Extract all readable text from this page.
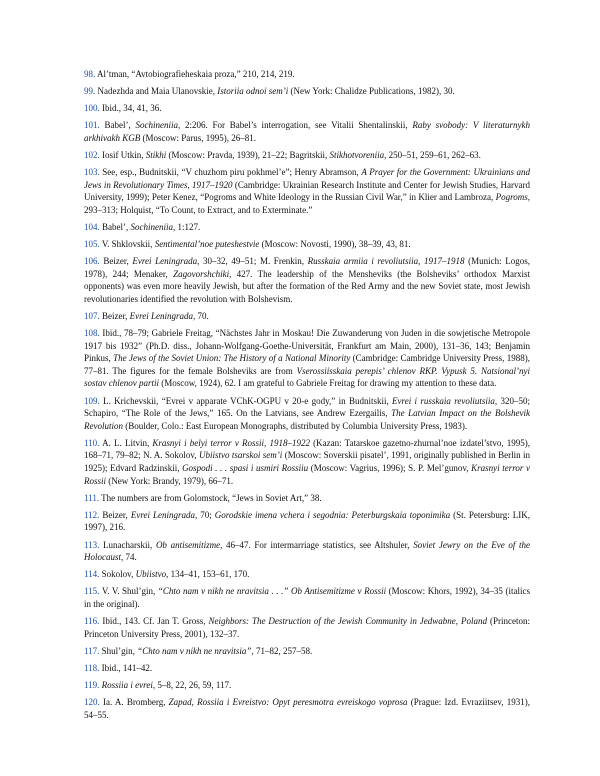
98. Al’tman, “Avtobiografieheskaia proza,” 210, 214, 219.

99. Nadezhda and Maia Ulanovskie, Istoriia odnoi sem’i (New York: Chalidze Publications, 1982), 30.

100. Ibid., 34, 41, 36.

101. Babel’, Sochineniia, 2:206. For Babel’s interrogation, see Vitalii Shentalinskii, Raby svobody: V literaturnykh arkhivakh KGB (Moscow: Parus, 1995), 26–81.

102. Iosif Utkin, Stikhi (Moscow: Pravda, 1939), 21–22; Bagritskii, Stikhotvoreniia, 250–51, 259–61, 262–63.

103. See, esp., Budnitskii, “V chuzhom piru pokhmel’e”; Henry Abramson, A Prayer for the Government: Ukrainians and Jews in Revolutionary Times, 1917–1920 (Cambridge: Ukrainian Research Institute and Center for Jewish Studies, Harvard University, 1999); Peter Kenez, “Pogroms and White Ideology in the Russian Civil War,” in Klier and Lambroza, Pogroms, 293–313; Holquist, “To Count, to Extract, and to Exterminate.”

104. Babel’, Sochineniia, 1:127.

105. V. Shklovskii, Sentimental’noe puteshestvie (Moscow: Novosti, 1990), 38–39, 43, 81.

106. Beizer, Evrei Leningrada, 30–32, 49–51; M. Frenkin, Russkaia armiia i revoliutsiia, 1917–1918 (Munich: Logos, 1978), 244; Menaker, Zagovorshchiki, 427. The leadership of the Mensheviks (the Bolsheviks’ orthodox Marxist opponents) was even more heavily Jewish, but after the formation of the Red Army and the new Soviet state, most Jewish revolutionaries identified the revolution with Bolshevism.

107. Beizer, Evrei Leningrada, 70.

108. Ibid., 78–79; Gabriele Freitag, “Nächstes Jahr in Moskau! Die Zuwanderung von Juden in die sowjetische Metropole 1917 bis 1932” (Ph.D. diss., Johann-Wolfgang-Goethe-Universität, Frankfurt am Main, 2000), 131–36, 143; Benjamin Pinkus, The Jews of the Soviet Union: The History of a National Minority (Cambridge: Cambridge University Press, 1988), 77–81. The figures for the female Bolsheviks are from Vserossiisskaia perepis’ chlenov RKP. Vypusk 5. Natsional’nyi sostav chlenov partii (Moscow, 1924), 62. I am grateful to Gabriele Freitag for drawing my attention to these data.

109. L. Krichevskii, “Evrei v apparate VChK-OGPU v 20-e gody,” in Budnitskii, Evrei i russkaia revoliutsiia, 320–50; Schapiro, “The Role of the Jews,” 165. On the Latvians, see Andrew Ezergailis, The Latvian Impact on the Bolshevik Revolution (Boulder, Colo.: East European Monographs, distributed by Columbia University Press, 1983).

110. A. L. Litvin, Krasnyi i belyi terror v Rossii, 1918–1922 (Kazan: Tatarskoe gazetno-zhurnal’noe izdatel’stvo, 1995), 168–71, 79–82; N. A. Sokolov, Ubiistvo tsarskoi sem’i (Moscow: Soverskii pisatel’, 1991, originally published in Berlin in 1925); Edvard Radzinskii, Gospodi . . . spasi i usmiri Rossiiu (Moscow: Vagrius, 1996); S. P. Mel’gunov, Krasnyi terror v Rossii (New York: Brandy, 1979), 66–71.

111. The numbers are from Golomstock, “Jews in Soviet Art,” 38.

112. Beizer, Evrei Leningrada, 70; Gorodskie imena vchera i segodnia: Peterburgskaia toponimika (St. Petersburg: LIK, 1997), 216.

113. Lunacharskii, Ob antisemitizme, 46–47. For intermarriage statistics, see Altshuler, Soviet Jewry on the Eve of the Holocaust, 74.

114. Sokolov, Ubiistvo, 134–41, 153–61, 170.

115. V. V. Shul’gin, “Chto nam v nikh ne nravitsia . . .” Ob Antisemitizme v Rossii (Moscow: Khors, 1992), 34–35 (italics in the original).

116. Ibid., 143. Cf. Jan T. Gross, Neighbors: The Destruction of the Jewish Community in Jedwabne, Poland (Princeton: Princeton University Press, 2001), 132–37.

117. Shul’gin, “Chto nam v nikh ne nravitsia”, 71–82, 257–58.

118. Ibid., 141–42.

119. Rossiia i evrei, 5–8, 22, 26, 59, 117.

120. Ia. A. Bromberg, Zapad, Rossiia i Evreistvo: Opyt peresmotra evreiskogo voprosa (Prague: Izd. Evraziitsev, 1931), 54–55.
